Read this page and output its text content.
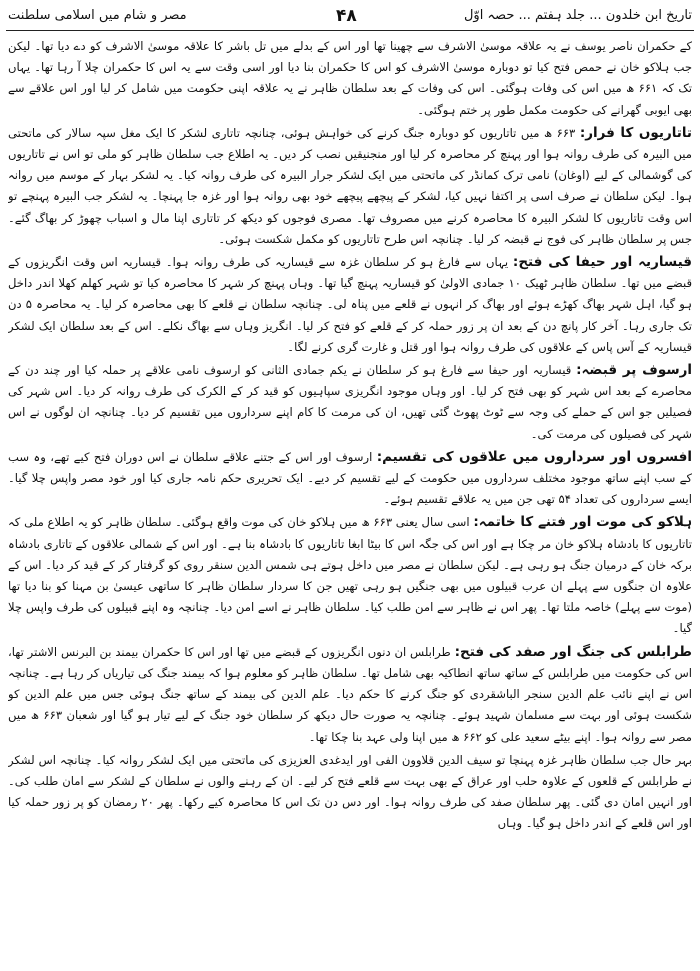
تاریخ ابن خلدون ... جلد ہفتم ... حصہ اوّل
۴۸
مصر و شام میں اسلامی سلطنت

کے حکمران ناصر یوسف نے یہ علاقہ موسیٰ الاشرف سے چھینا تھا اور اس کے بدلے میں تل باشر کا علاقہ موسیٰ الاشرف کو دے دیا تھا۔ لیکن جب ہلاکو خان نے حمص فتح کیا تو دوبارہ موسیٰ الاشرف کو اس کا حکمران بنا دیا اور اسی وقت سے یہ اس کا حکمران چلا آ رہا تھا۔ یہاں تک کہ ۶۶۱ ھ میں اس کی وفات ہوگئی۔ اس کی وفات کے بعد سلطان ظاہر نے یہ علاقہ اپنی حکومت میں شامل کر لیا اور اس علاقے سے بھی ایوبی گھرانے کی حکومت مکمل طور پر ختم ہوگئی۔

تاتاریوں کا فرار: ۶۶۳ ھ میں تاتاریوں کو دوبارہ جنگ کرنے کی خواہش ہوئی، چنانچہ تاتاری لشکر کا ایک مغل سپہ سالار کی ماتحتی میں البیرہ کی طرف روانہ ہوا اور پہنچ کر محاصرہ کر لیا اور منجنیقیں نصب کر دیں۔ یہ اطلاع جب سلطان ظاہر کو ملی تو اس نے تاتاریوں کی گوشمالی کے لیے (اوغان) نامی ترک کمانڈر کی ماتحتی میں ایک لشکر جرار البیرہ کی طرف روانہ کیا۔ یہ لشکر بہار کے موسم میں روانہ ہوا۔ لیکن سلطان نے صرف اسی پر اکتفا نہیں کیا، لشکر کے پیچھے پیچھے خود بھی روانہ ہوا اور غزہ جا پہنچا۔ یہ لشکر جب البیرہ پہنچے تو اس وقت تاتاریوں کا لشکر البیرہ کا محاصرہ کرنے میں مصروف تھا۔ مصری فوجوں کو دیکھ کر تاتاری اپنا مال و اسباب چھوڑ کر بھاگ گئے۔ جس پر سلطان ظاہر کی فوج نے قبضہ کر لیا۔ چنانچہ اس طرح تاتاریوں کو مکمل شکست ہوئی۔

قیساریہ اور حیفا کی فتح: یہاں سے فارغ ہو کر سلطان غزہ سے قیساریہ کی طرف روانہ ہوا۔ قیساریہ اس وقت انگریزوں کے قبضے میں تھا۔ سلطان ظاہر ٹھیک ۱۰ جمادی الاولیٰ کو قیساریہ پہنچ گیا تھا۔ وہاں پہنچ کر شہر کا محاصرہ کیا تو شہر کھلم کھلا اندر داخل ہو گیا، اہل شہر بھاگ کھڑے ہوئے اور بھاگ کر انہوں نے قلعے میں پناہ لی۔ چنانچہ سلطان نے قلعے کا بھی محاصرہ کر لیا۔ یہ محاصرہ ۵ دن تک جاری رہا۔ آخر کار پانچ دن کے بعد ان پر زور حملہ کر کے قلعے کو فتح کر لیا۔ انگریز وہاں سے بھاگ نکلے۔ اس کے بعد سلطان ایک لشکر قیساریہ کے آس پاس کے علاقوں کی طرف روانہ ہوا اور قتل و غارت گری کرنے لگا۔

ارسوف پر قبضہ: قیساریہ اور حیفا سے فارغ ہو کر سلطان نے یکم جمادی الثانی کو ارسوف نامی علاقے پر حملہ کیا اور چند دن کے محاصرے کے بعد اس شہر کو بھی فتح کر لیا۔ اور وہاں موجود انگریزی سپاہیوں کو قید کر کے الکرک کی طرف روانہ کر دیا۔ اس شہر کی فصیلیں جو اس کے حملے کی وجہ سے ٹوٹ پھوٹ گئی تھیں، ان کی مرمت کا کام اپنے سرداروں میں تقسیم کر دیا۔ چنانچہ ان لوگوں نے اس شہر کی فصیلوں کی مرمت کی۔

افسروں اور سرداروں میں علاقوں کی تقسیم: ارسوف اور اس کے جتنے علاقے سلطان نے اس دوران فتح کیے تھے، وہ سب کے سب اپنے ساتھ موجود مختلف سرداروں میں حکومت کے لیے تقسیم کر دیے۔ ایک تحریری حکم نامہ جاری کیا اور خود مصر واپس چلا گیا۔ ایسے سرداروں کی تعداد ۵۴ تھی جن میں یہ علاقے تقسیم ہوئے۔

ہلاکو کی موت اور فتنے کا خاتمہ: اسی سال یعنی ۶۶۳ ھ میں ہلاکو خان کی موت واقع ہوگئی۔ سلطان ظاہر کو یہ اطلاع ملی کہ تاتاریوں کا بادشاہ ہلاکو خان مر چکا ہے اور اس کی جگہ اس کا بیٹا ابغا تاتاریوں کا بادشاہ بنا ہے۔ اور اس کے شمالی علاقوں کے تاتاری بادشاہ برکہ خان کے درمیان جنگ ہو رہی ہے۔ لیکن سلطان نے مصر میں داخل ہوتے ہی شمس الدین سنقر روی کو گرفتار کر کے قید کر دیا۔ اس کے علاوہ ان جنگوں سے پہلے ان عرب قبیلوں میں بھی جنگیں ہو رہی تھیں جن کا سردار سلطان ظاہر کا ساتھی عیسیٰ بن مہنا کو بنا دیا تھا (موت سے پہلے) خاصہ ملتا تھا۔ پھر اس نے ظاہر سے امن طلب کیا۔ سلطان ظاہر نے اسے امن دیا۔ چنانچہ وہ اپنے قبیلوں کی طرف واپس چلا گیا۔

طرابلس کی جنگ اور صفد کی فتح: طرابلس ان دنوں انگریزوں کے قبضے میں تھا اور اس کا حکمران بیمند بن البرنس الاشتر تھا، اس کی حکومت میں طرابلس کے ساتھ ساتھ انطاکیہ بھی شامل تھا۔ سلطان ظاہر کو معلوم ہوا کہ بیمند جنگ کی تیاریاں کر رہا ہے۔ چنانچہ اس نے اپنے نائب علم الدین سنجر الباشقردی کو جنگ کرنے کا حکم دیا۔ علم الدین کی بیمند کے ساتھ جنگ ہوئی جس میں علم الدین کو شکست ہوئی اور بہت سے مسلمان شہید ہوئے۔ چنانچہ یہ صورت حال دیکھ کر سلطان خود جنگ کے لیے تیار ہو گیا اور شعبان ۶۶۳ ھ میں مصر سے روانہ ہوا۔ اپنے بیٹے سعید علی کو ۶۶۲ ھ میں اپنا ولی عہد بنا چکا تھا۔

بہر حال جب سلطان ظاہر غزہ پہنچا تو سیف الدین قلاوون الفی اور ایدغدی العزیزی کی ماتحتی میں ایک لشکر روانہ کیا۔ چنانچہ اس لشکر نے طرابلس کے قلعوں کے علاوہ حلب اور عراق کے بھی بہت سے قلعے فتح کر لیے۔ ان کے رہنے والوں نے سلطان کے لشکر سے امان طلب کی۔ اور انہیں امان دی گئی۔ پھر سلطان صفد کی طرف روانہ ہوا۔ اور دس دن تک اس کا محاصرہ کیے رکھا۔ پھر ۲۰ رمضان کو پر زور حملہ کیا اور اس قلعے کے اندر داخل ہو گیا۔ وہاں
